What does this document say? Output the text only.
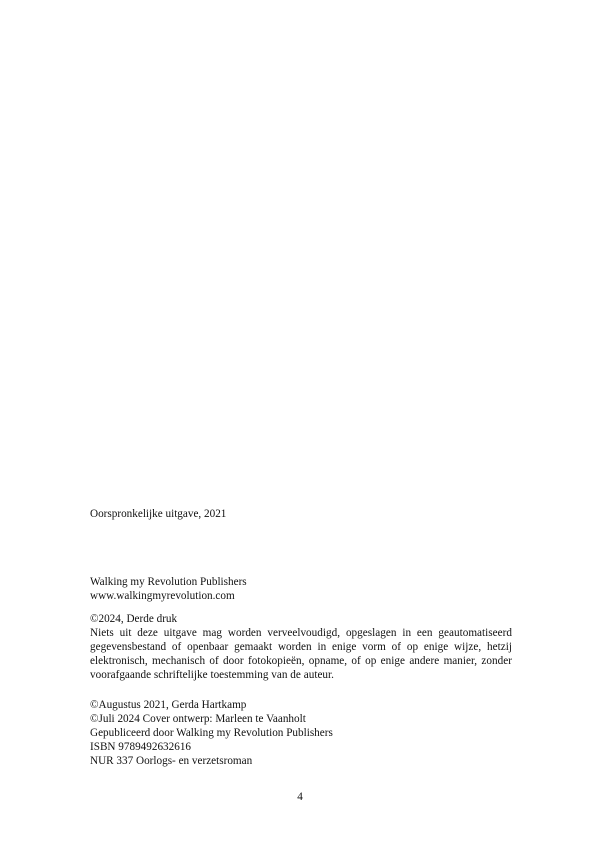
Oorspronkelijke uitgave, 2021
Walking my Revolution Publishers
www.walkingmyrevolution.com
©2024, Derde druk
Niets uit deze uitgave mag worden verveelvoudigd, opgeslagen in een geautomatiseerd gegevensbestand of openbaar gemaakt worden in enige vorm of op enige wijze, hetzij elektronisch, mechanisch of door fotokopieën, opname, of op enige andere manier, zonder voorafgaande schriftelijke toestemming van de auteur.
©Augustus 2021, Gerda Hartkamp
©Juli 2024 Cover ontwerp: Marleen te Vaanholt
Gepubliceerd door Walking my Revolution Publishers
ISBN 9789492632616
NUR 337 Oorlogs- en verzetsroman
4
